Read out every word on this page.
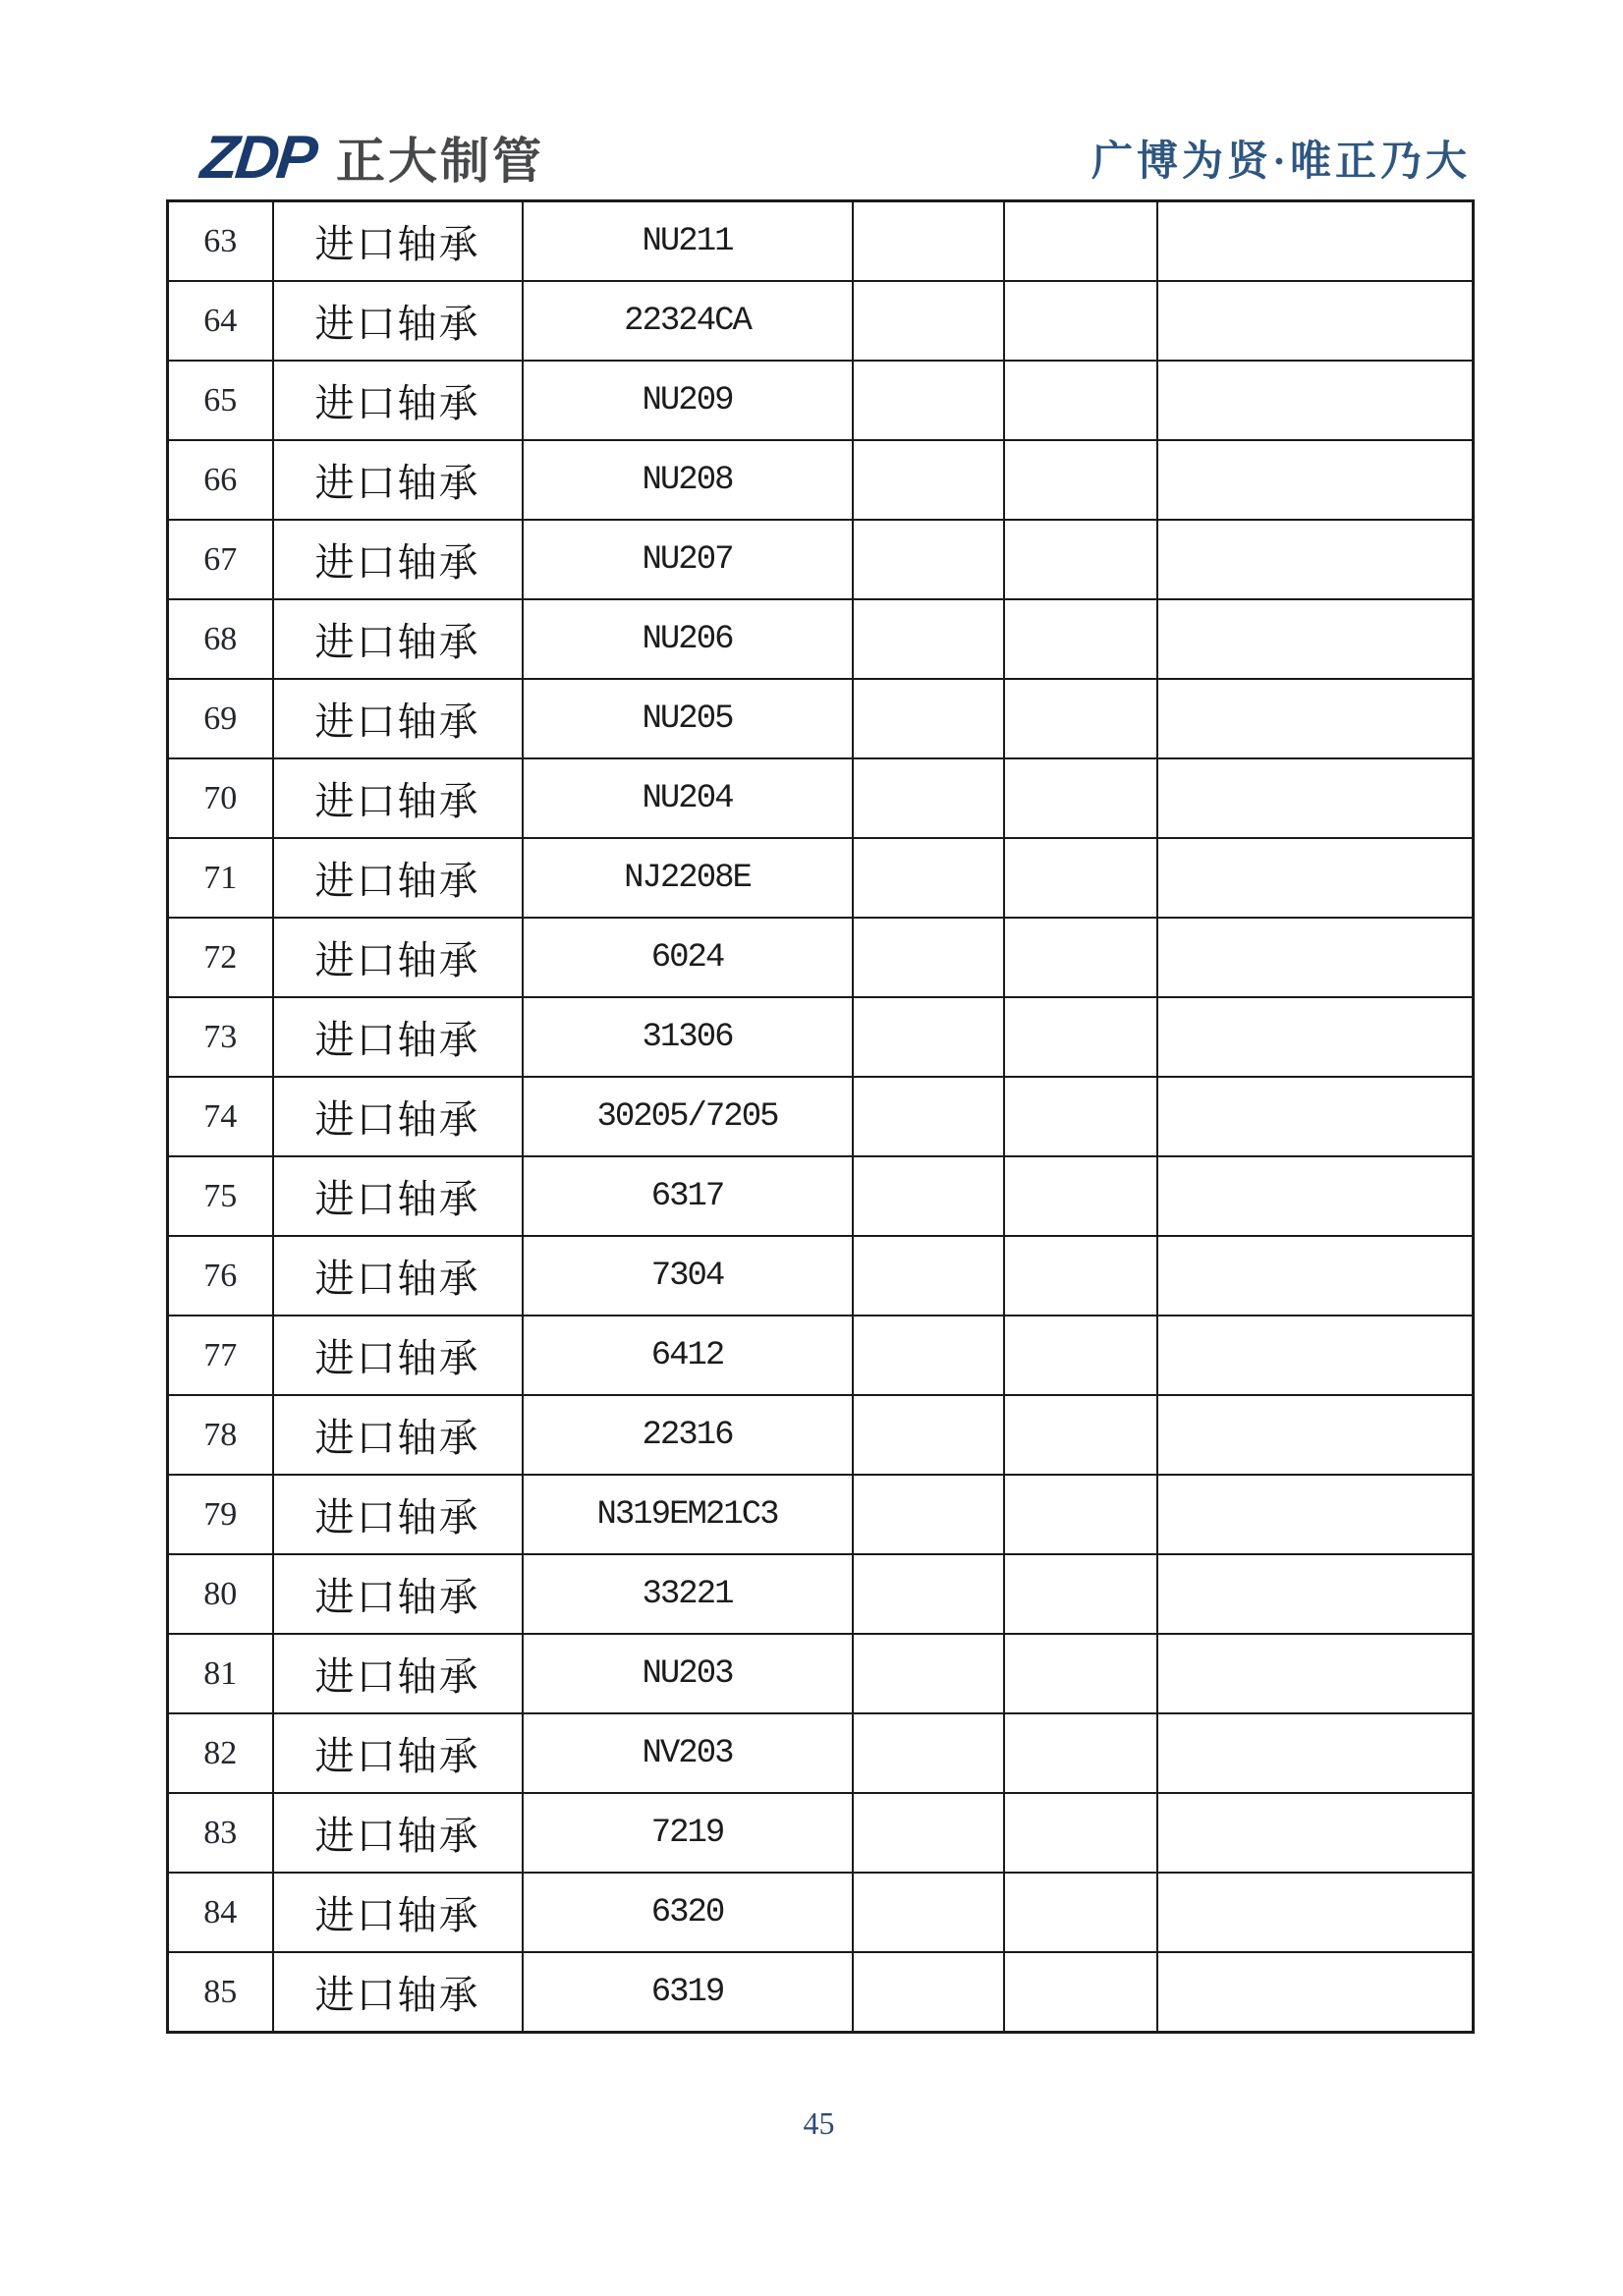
ZDP 正大制管	广博为贤·唯正乃大
63	进口轴承	NU211			
64	进口轴承	22324CA			
65	进口轴承	NU209			
66	进口轴承	NU208			
67	进口轴承	NU207			
68	进口轴承	NU206			
69	进口轴承	NU205			
70	进口轴承	NU204			
71	进口轴承	NJ2208E			
72	进口轴承	6024			
73	进口轴承	31306			
74	进口轴承	30205/7205			
75	进口轴承	6317			
76	进口轴承	7304			
77	进口轴承	6412			
78	进口轴承	22316			
79	进口轴承	N319EM21C3			
80	进口轴承	33221			
81	进口轴承	NU203			
82	进口轴承	NV203			
83	进口轴承	7219			
84	进口轴承	6320			
85	进口轴承	6319			
45
